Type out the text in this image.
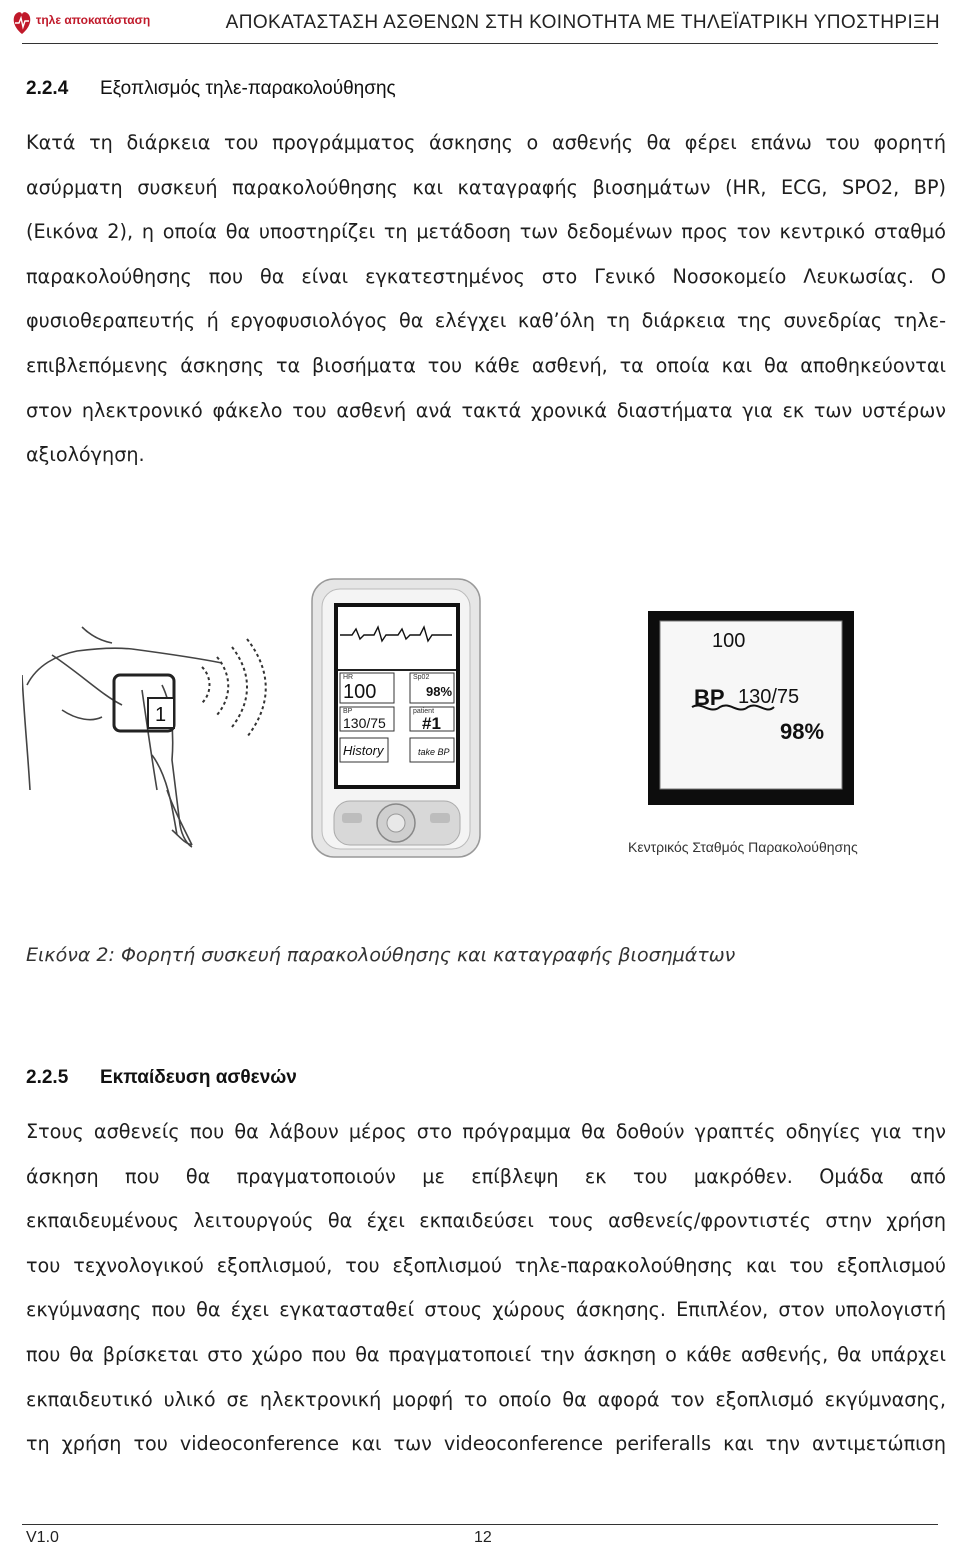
τηλε αποκατάσταση	ΑΠΟΚΑΤΑΣΤΑΣΗ ΑΣΘΕΝΩΝ ΣΤΗ ΚΟΙΝΟΤΗΤΑ ΜΕ ΤΗΛΕΪΑΤΡΙΚΗ ΥΠΟΣΤΗΡΙΞΗ
2.2.4 Εξοπλισμός τηλε-παρακολούθησης
Κατά τη διάρκεια του προγράμματος άσκησης ο ασθενής θα φέρει επάνω του φορητή
ασύρματη συσκευή παρακολούθησης και καταγραφής βιοσημάτων (HR, ECG, SPO2, BP)
(Εικόνα 2), η οποία θα υποστηρίζει τη μετάδοση των δεδομένων προς τον κεντρικό σταθμό
παρακολούθησης που θα είναι εγκατεστημένος στο Γενικό Νοσοκομείο Λευκωσίας. Ο
φυσιοθεραπευτής ή εργοφυσιολόγος θα ελέγχει καθ’όλη τη διάρκεια της συνεδρίας τηλε-
επιβλεπόμενης άσκησης τα βιοσήματα του κάθε ασθενή, τα οποία και θα αποθηκεύονται
στον ηλεκτρονικό φάκελο του ασθενή ανά τακτά χρονικά διαστήματα για εκ των υστέρων
αξιολόγηση.
1
HR
100
Sp02
98%
BP
130/75
patient
#1
History	take BP
100
BP 130/75
98%
Κεντρικός Σταθμός Παρακολούθησης
Εικόνα 2: Φορητή συσκευή παρακολούθησης και καταγραφής βιοσημάτων
2.2.5 Εκπαίδευση ασθενών
Στους ασθενείς που θα λάβουν μέρος στο πρόγραμμα θα δοθούν γραπτές οδηγίες για την
άσκηση που θα πραγματοποιούν με επίβλεψη εκ του μακρόθεν. Ομάδα από
εκπαιδευμένους λειτουργούς θα έχει εκπαιδεύσει τους ασθενείς/φροντιστές στην χρήση
του τεχνολογικού εξοπλισμού, του εξοπλισμού τηλε-παρακολούθησης και του εξοπλισμού
εκγύμνασης που θα έχει εγκατασταθεί στους χώρους άσκησης. Επιπλέον, στον υπολογιστή
που θα βρίσκεται στο χώρο που θα πραγματοποιεί την άσκηση ο κάθε ασθενής, θα υπάρχει
εκπαιδευτικό υλικό σε ηλεκτρονική μορφή το οποίο θα αφορά τον εξοπλισμό εκγύμνασης,
τη χρήση του videoconference και των videoconference periferalls και την αντιμετώπιση
V1.0	12
